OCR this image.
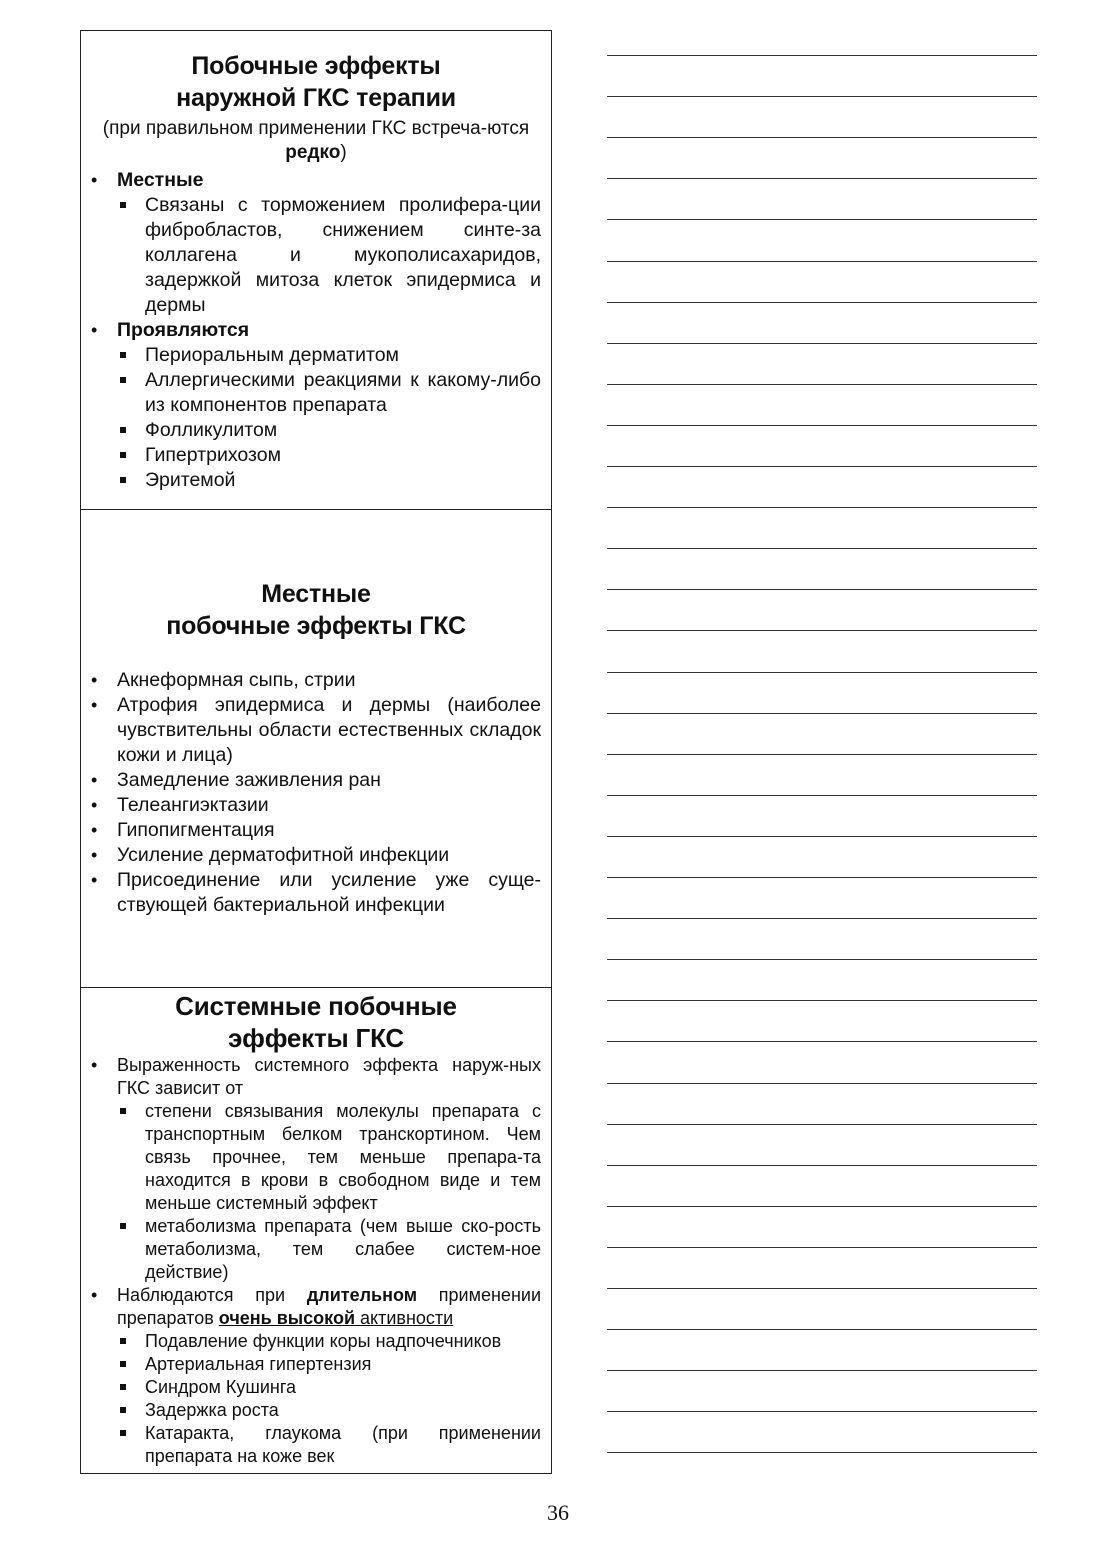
Побочные эффекты
наружной ГКС терапии
(при правильном применении ГКС встреча-ются редко)
• Местные
Связаны с торможением пролифера-ции фибробластов, снижением синте-за коллагена и мукополисахаридов, задержкой митоза клеток эпидермиса и дермы
• Проявляются
Периоральным дерматитом
Аллергическими реакциями к какому-либо из компонентов препарата
Фолликулитом
Гипертрихозом
Эритемой
Местные
побочные эффекты ГКС
• Акнеформная сыпь, стрии
• Атрофия эпидермиса и дермы (наиболее чувствительны области естественных складок кожи и лица)
• Замедление заживления ран
• Телеангиэктазии
• Гипопигментация
• Усиление дерматофитной инфекции
• Присоединение или усиление уже суще-ствующей бактериальной инфекции
Системные побочные
эффекты ГКС
• Выраженность системного эффекта наруж-ных ГКС зависит от
степени связывания молекулы препарата с транспортным белком транскортином. Чем связь прочнее, тем меньше препара-та находится в крови в свободном виде и тем меньше системный эффект
метаболизма препарата (чем выше ско-рость метаболизма, тем слабее систем-ное действие)
• Наблюдаются при длительном применении препаратов очень высокой активности
Подавление функции коры надпочечников
Артериальная гипертензия
Синдром Кушинга
Задержка роста
Катаракта, глаукома (при применении препарата на коже век
36
